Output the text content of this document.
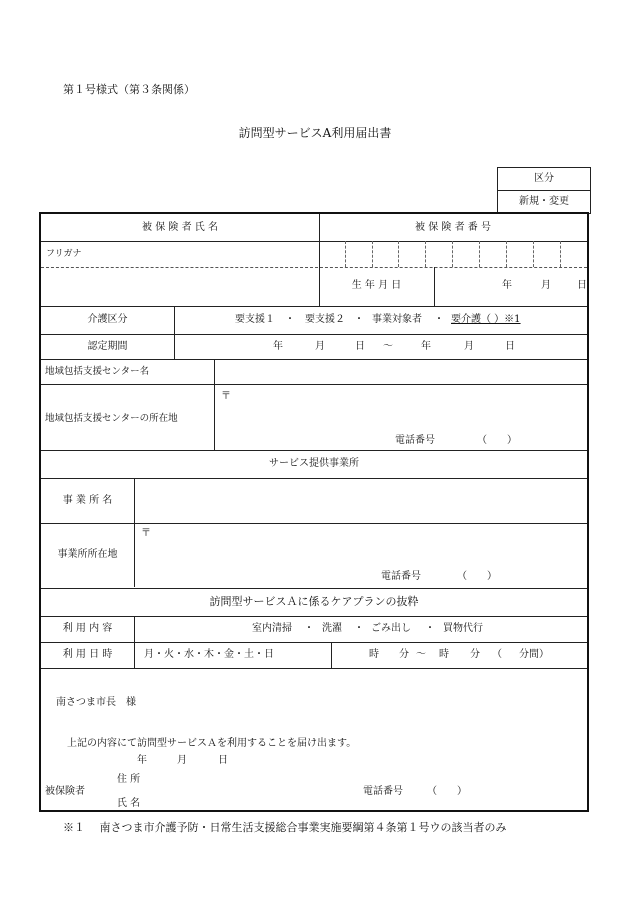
第１号様式（第３条関係）
訪問型サービスA利用届出書
区分
新規・変更
被 保 険 者 氏 名	被 保 険 者 番 号
フリガナ
生 年 月 日	年	月	日
介護区分	要支援１ ・ 要支援２ ・ 事業対象者 ・ 要介護（ ）※1
認定期間	年	月	日 ～	年	月	日
地域包括支援センター名
地域包括支援センターの所在地
〒
電話番号	（　　）
サービス提供事業所
事 業 所 名
事業所所在地
〒
電話番号	（　　）
訪問型サービスＡに係るケアプランの抜粋
利 用 内 容	室内清掃 ・ 洗濯 ・ ごみ出し ・ 買物代行
利 用 日 時	月・火・水・木・金・土・日	時 分 ～ 時 分 （ 分間 ）
南さつま市長　様
上記の内容にて訪問型サービスＡを利用することを届け出ます。
年	月	日
被保険者
住 所
氏 名
電話番号 （　　）
※１　 南さつま市介護予防・日常生活支援総合事業実施要綱第４条第１号ウの該当者のみ
